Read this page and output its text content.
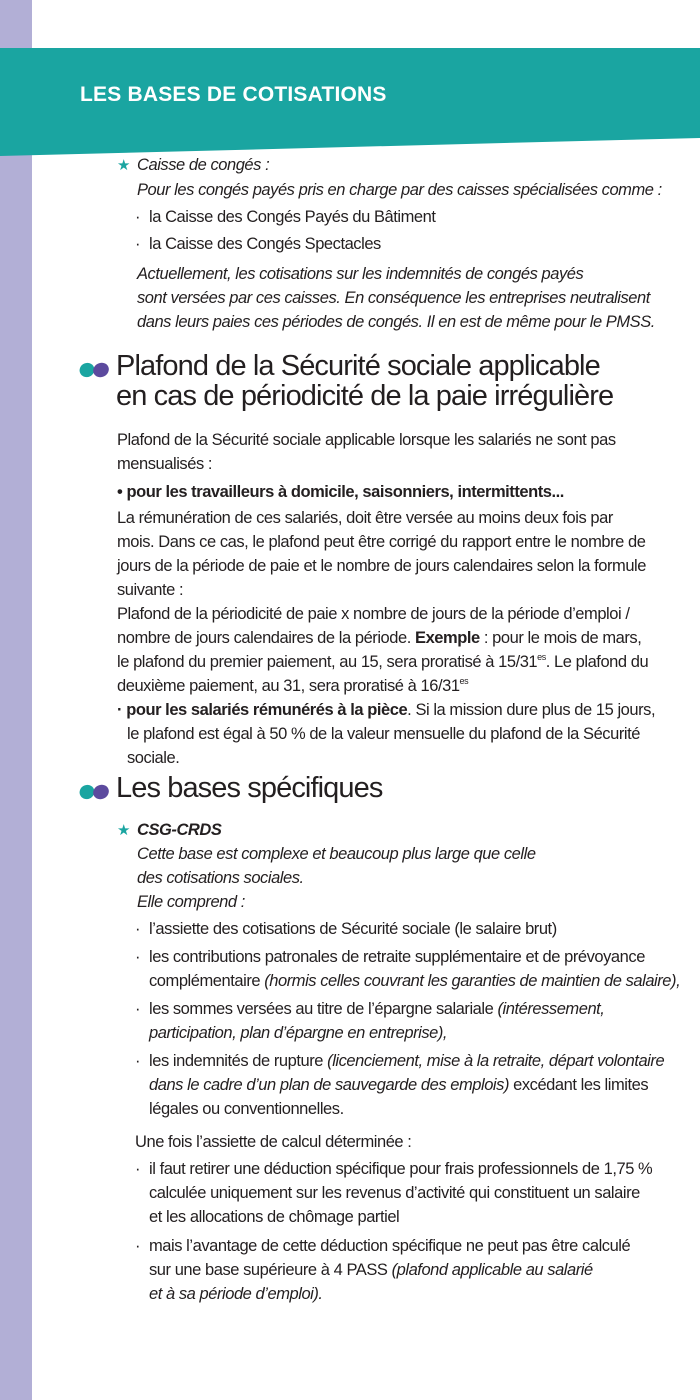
LES BASES DE COTISATIONS
★ Caisse de congés :
Pour les congés payés pris en charge par des caisses spécialisées comme :
· la Caisse des Congés Payés du Bâtiment
· la Caisse des Congés Spectacles
Actuellement, les cotisations sur les indemnités de congés payés
sont versées par ces caisses. En conséquence les entreprises neutralisent
dans leurs paies ces périodes de congés. Il en est de même pour le PMSS.
Plafond de la Sécurité sociale applicable
en cas de périodicité de la paie irrégulière
Plafond de la Sécurité sociale applicable lorsque les salariés ne sont pas
mensualisés :
• pour les travailleurs à domicile, saisonniers, intermittents...
La rémunération de ces salariés, doit être versée au moins deux fois par
mois. Dans ce cas, le plafond peut être corrigé du rapport entre le nombre de
jours de la période de paie et le nombre de jours calendaires selon la formule
suivante :
Plafond de la périodicité de paie x nombre de jours de la période d’emploi /
nombre de jours calendaires de la période. Exemple : pour le mois de mars,
le plafond du premier paiement, au 15, sera proratisé à $15/31^{es}$. Le plafond du
deuxième paiement, au 31, sera proratisé à $16/31^{es}$
· pour les salariés rémunérés à la pièce. Si la mission dure plus de 15 jours,
le plafond est égal à 50 % de la valeur mensuelle du plafond de la Sécurité
sociale.
Les bases spécifiques
★ CSG-CRDS
Cette base est complexe et beaucoup plus large que celle
des cotisations sociales.
Elle comprend :
· l’assiette des cotisations de Sécurité sociale (le salaire brut)
· les contributions patronales de retraite supplémentaire et de prévoyance
complémentaire (hormis celles couvrant les garanties de maintien de salaire),
· les sommes versées au titre de l’épargne salariale (intéressement,
participation, plan d’épargne en entreprise),
· les indemnités de rupture (licenciement, mise à la retraite, départ volontaire
dans le cadre d’un plan de sauvegarde des emplois) excédant les limites
légales ou conventionnelles.
Une fois l’assiette de calcul déterminée :
· il faut retirer une déduction spécifique pour frais professionnels de 1,75 %
calculée uniquement sur les revenus d’activité qui constituent un salaire
et les allocations de chômage partiel
· mais l’avantage de cette déduction spécifique ne peut pas être calculé
sur une base supérieure à 4 PASS (plafond applicable au salarié
et à sa période d’emploi).
